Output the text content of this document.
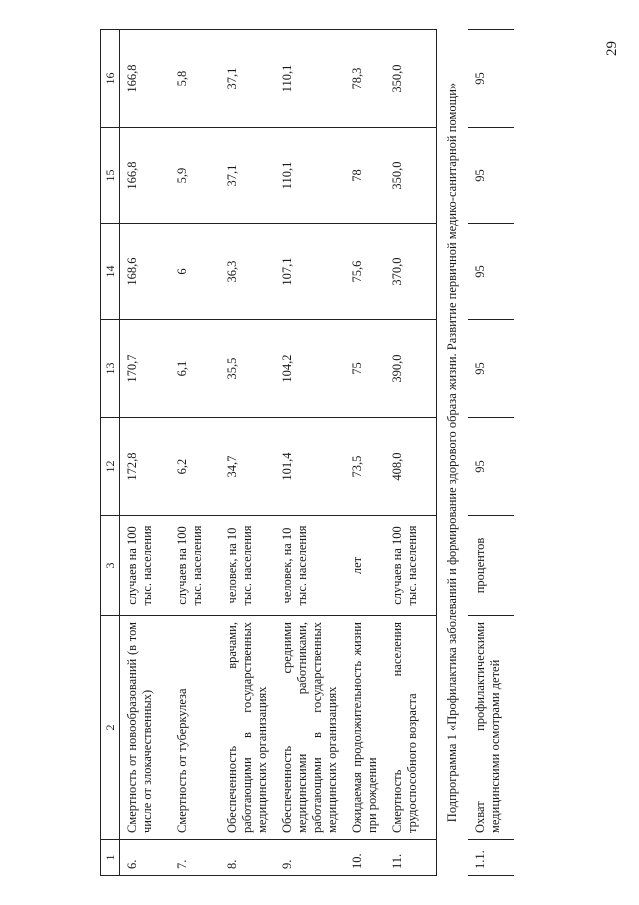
29
1	2	3	12	13	14	15	16
6.	Смертность от новообразований (в том числе от злокачественных)	случаев на 100 тыс. населения	172,8	170,7	168,6	166,8	166,8
7.	Смертность от туберкулеза	случаев на 100 тыс. населения	6,2	6,1	6	5,9	5,8
8.	Обеспеченность врачами, работающими в государственных медицинских организациях	человек, на 10 тыс. населения	34,7	35,5	36,3	37,1	37,1
9.	Обеспеченность средними медицинскими работниками, работающими в государственных медицинских организациях	человек, на 10 тыс. населения	101,4	104,2	107,1	110,1	110,1
10.	Ожидаемая продолжительность жизни при рождении	лет	73,5	75	75,6	78	78,3
11.	Смертность населения трудоспособного возраста	случаев на 100 тыс. населения	408,0	390,0	370,0	350,0	350,0
Подпрограмма 1 «Профилактика заболеваний и формирование здорового образа жизни. Развитие первичной медико-санитарной помощи»							
1.1.	Охват профилактическими медицинскими осмотрами детей	процентов	95	95	95	95	95
